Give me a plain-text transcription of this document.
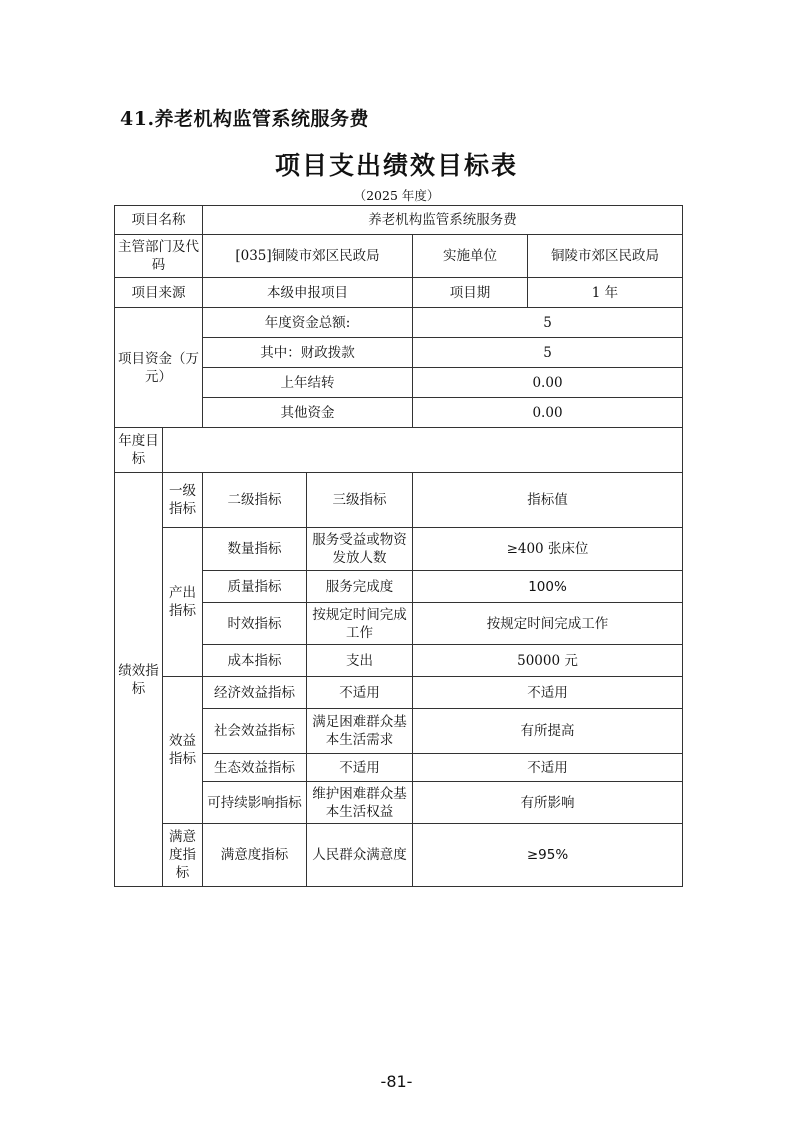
41.养老机构监管系统服务费
项目支出绩效目标表
（2025 年度）
项目名称		养老机构监管系统服务费			
主管部门及代码		[035]铜陵市郊区民政局		实施单位	铜陵市郊区民政局
项目来源		本级申报项目		项目期	1 年
项目资金（万元）		年度资金总额:		5	
		其中：财政拨款		5	
		上年结转		0.00	
		其他资金		0.00	
年度目标					
绩效指标	一级指标	二级指标	三级指标	指标值	
	产出指标	数量指标	服务受益或物资发放人数	≥400 张床位	
		质量指标	服务完成度	100%	
		时效指标	按规定时间完成工作	按规定时间完成工作	
		成本指标	支出	50000 元	
	效益指标	经济效益指标	不适用	不适用	
		社会效益指标	满足困难群众基本生活需求	有所提高	
		生态效益指标	不适用	不适用	
		可持续影响指标	维护困难群众基本生活权益	有所影响	
	满意度指标	满意度指标	人民群众满意度	≥95%	
-81-
